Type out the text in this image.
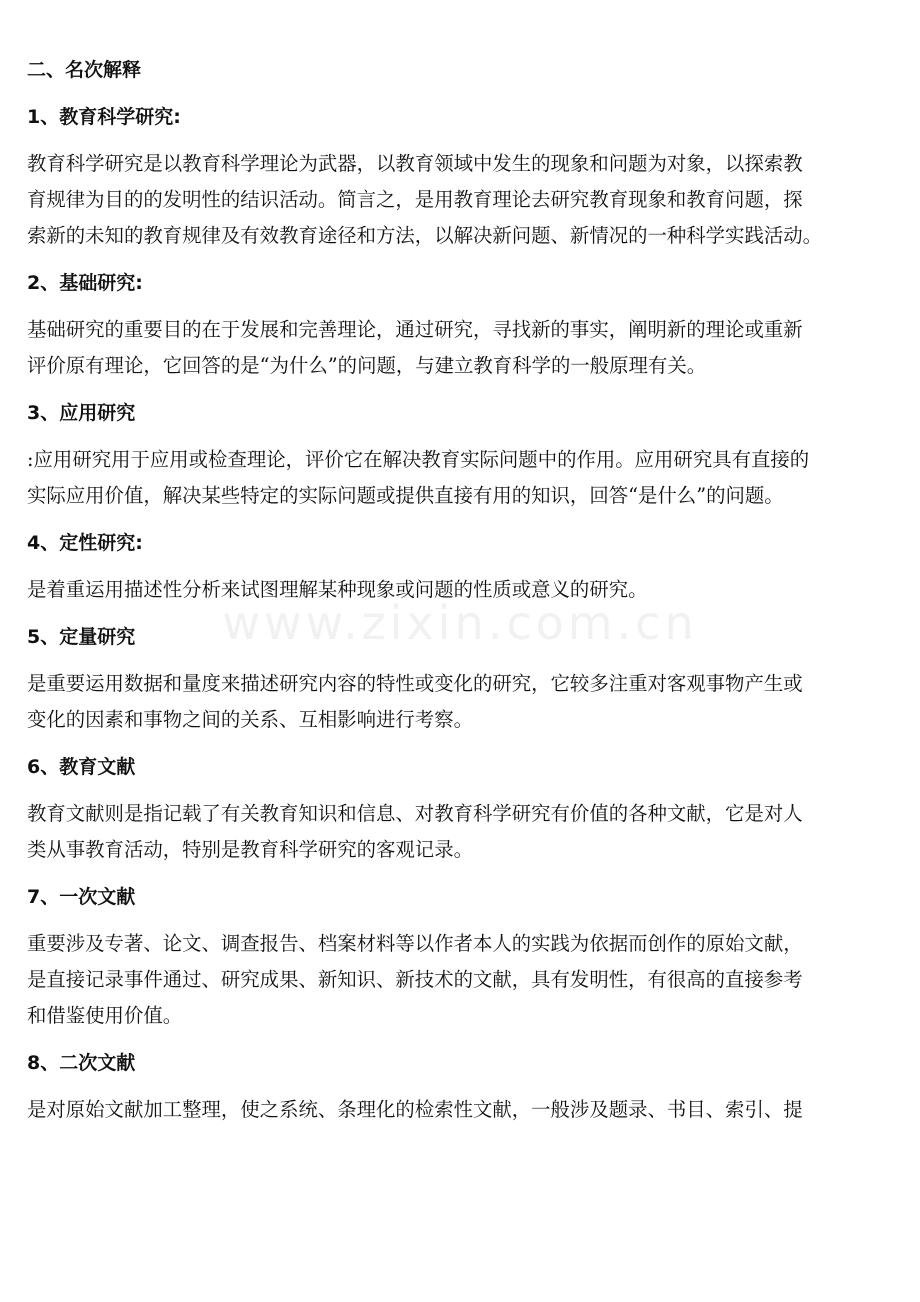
www.zixin.com.cn
二、名次解释
1、教育科学研究:
教育科学研究是以教育科学理论为武器，以教育领域中发生的现象和问题为对象，以探索教
育规律为目的的发明性的结识活动。简言之，是用教育理论去研究教育现象和教育问题，探
索新的未知的教育规律及有效教育途径和方法，以解决新问题、新情况的一种科学实践活动。
2、基础研究:
基础研究的重要目的在于发展和完善理论，通过研究，寻找新的事实，阐明新的理论或重新
评价原有理论，它回答的是“为什么”的问题，与建立教育科学的一般原理有关。
3、应用研究
:应用研究用于应用或检查理论，评价它在解决教育实际问题中的作用。应用研究具有直接的
实际应用价值，解决某些特定的实际问题或提供直接有用的知识，回答“是什么”的问题。
4、定性研究:
是着重运用描述性分析来试图理解某种现象或问题的性质或意义的研究。
5、定量研究
是重要运用数据和量度来描述研究内容的特性或变化的研究，它较多注重对客观事物产生或
变化的因素和事物之间的关系、互相影响进行考察。
6、教育文献
教育文献则是指记载了有关教育知识和信息、对教育科学研究有价值的各种文献，它是对人
类从事教育活动，特别是教育科学研究的客观记录。
7、一次文献
重要涉及专著、论文、调查报告、档案材料等以作者本人的实践为依据而创作的原始文献，
是直接记录事件通过、研究成果、新知识、新技术的文献，具有发明性，有很高的直接参考
和借鉴使用价值。
8、二次文献
是对原始文献加工整理，使之系统、条理化的检索性文献，一般涉及题录、书目、索引、提
